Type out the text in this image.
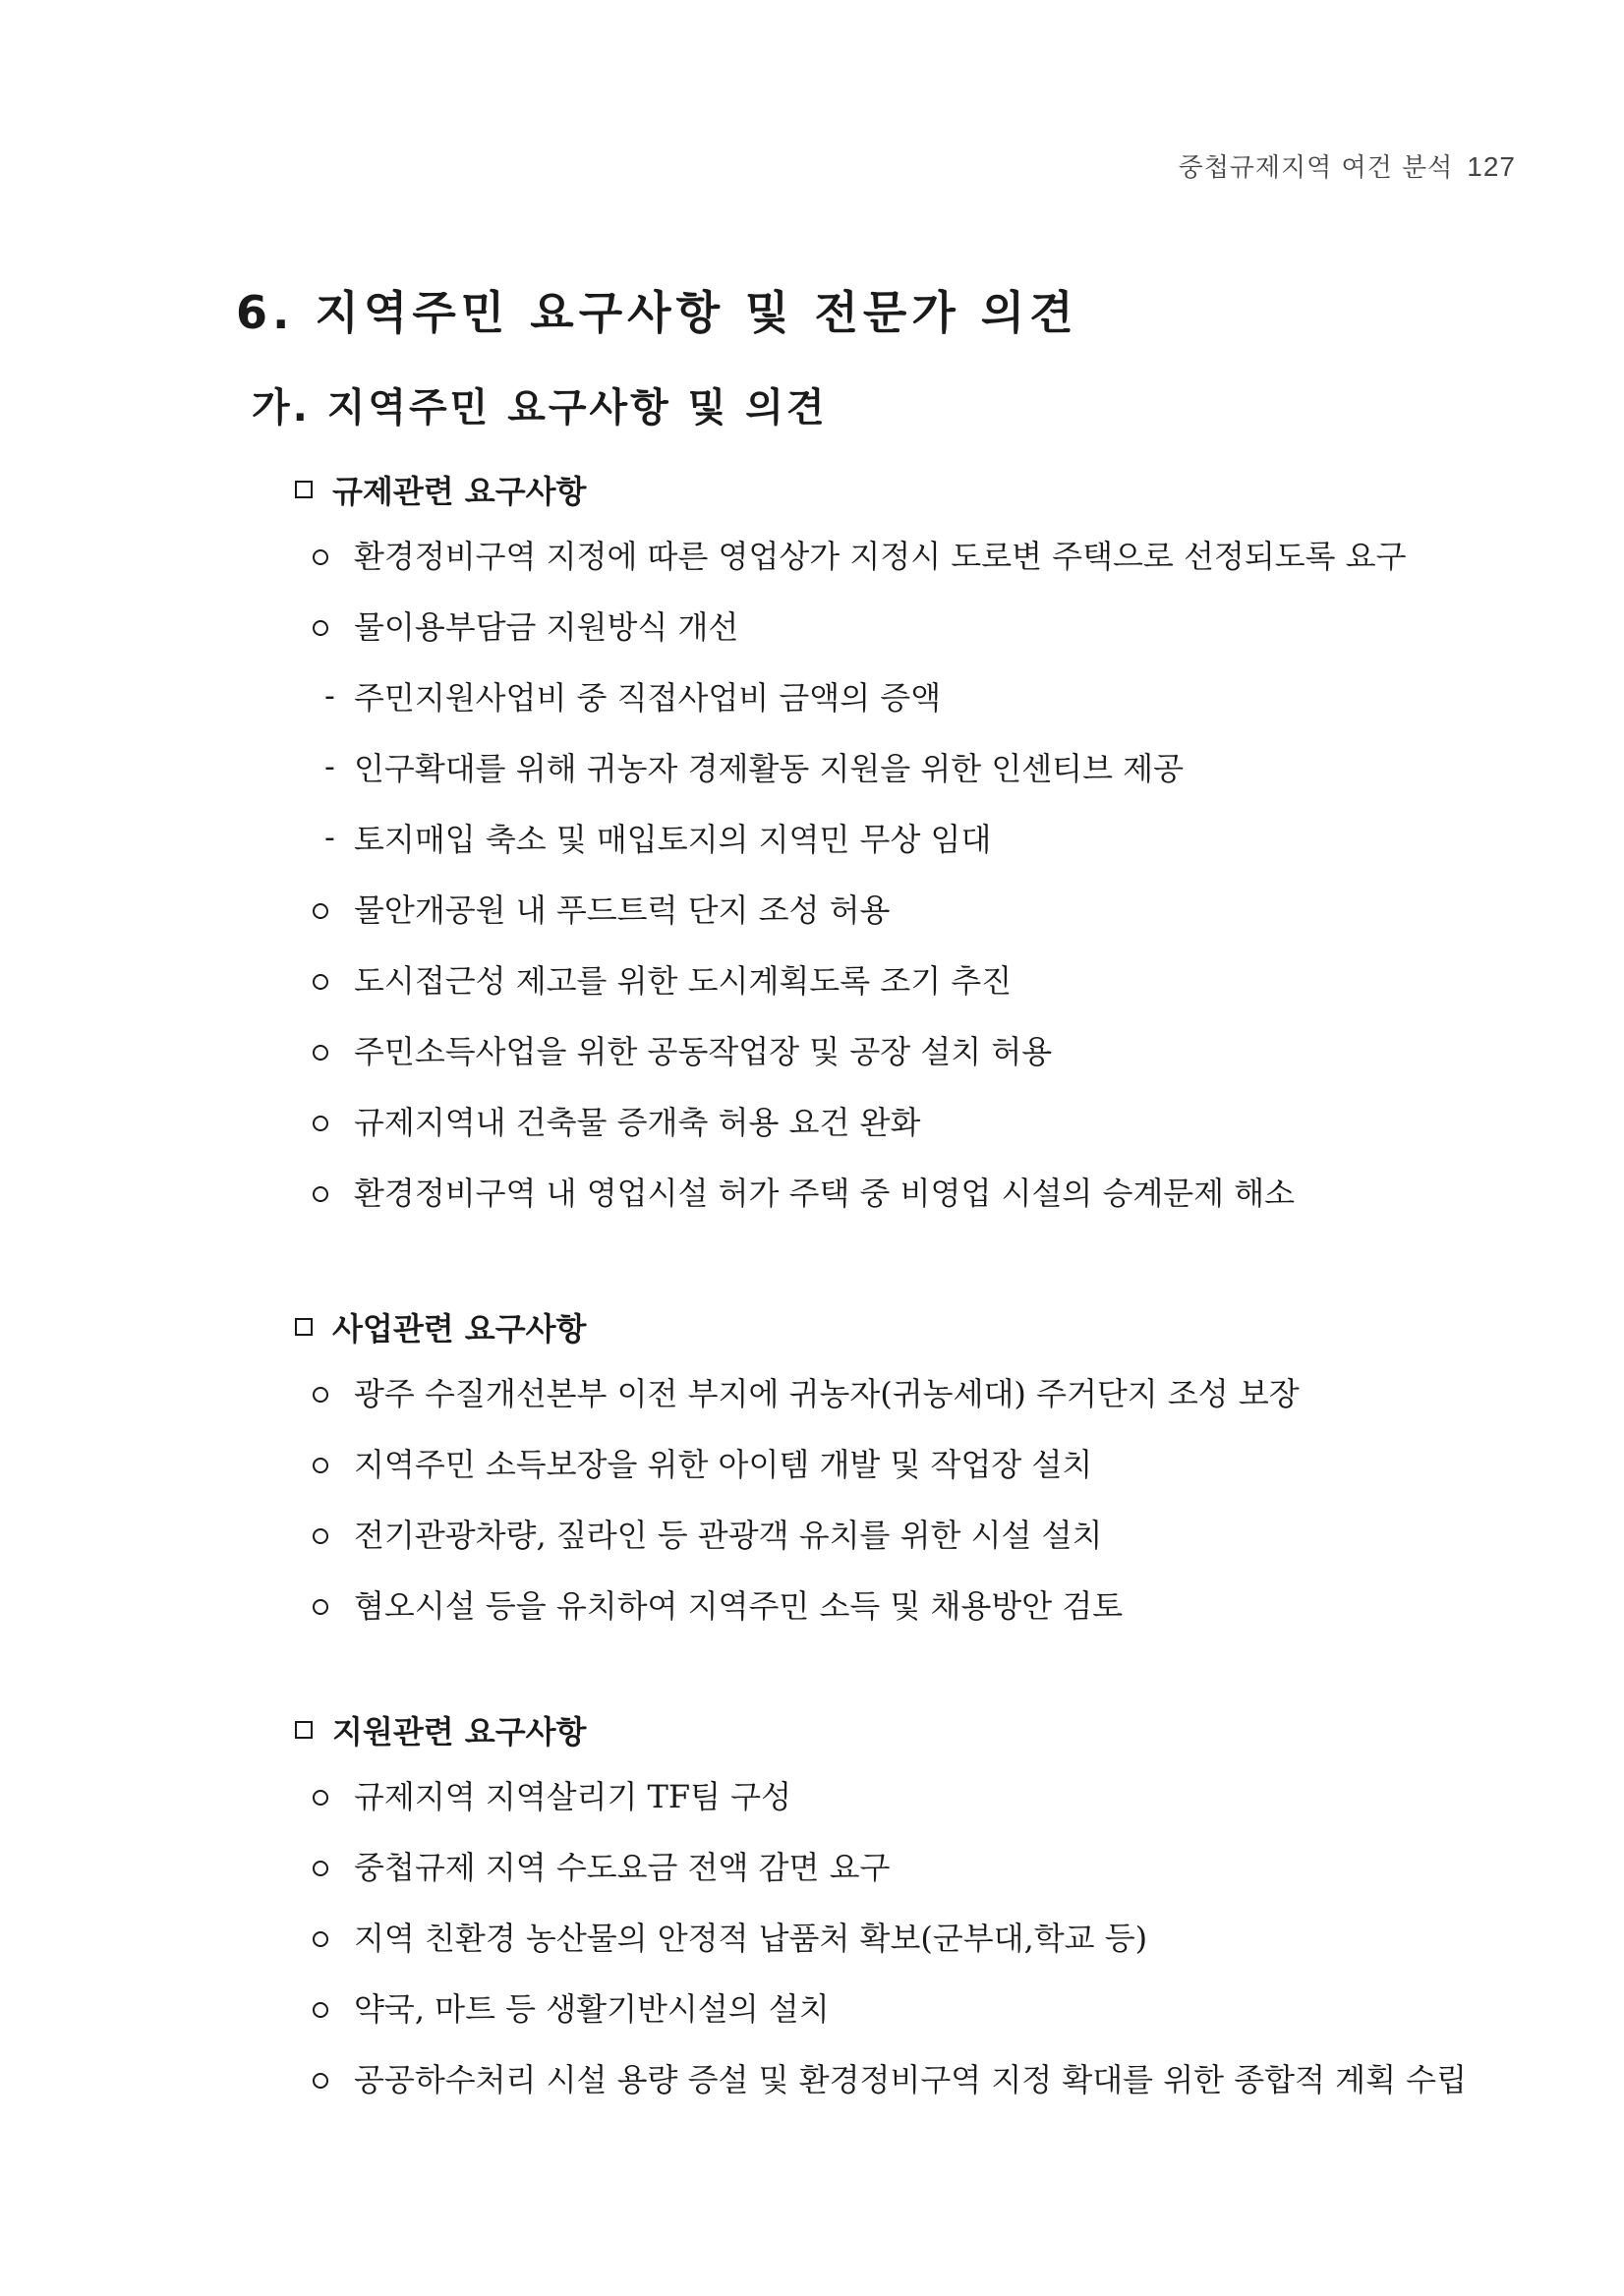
중첩규제지역 여건 분석 127
6. 지역주민 요구사항 및 전문가 의견
가. 지역주민 요구사항 및 의견
규제관련 요구사항
환경정비구역 지정에 따른 영업상가 지정시 도로변 주택으로 선정되도록 요구
물이용부담금 지원방식 개선
- 주민지원사업비 중 직접사업비 금액의 증액
- 인구확대를 위해 귀농자 경제활동 지원을 위한 인센티브 제공
- 토지매입 축소 및 매입토지의 지역민 무상 임대
물안개공원 내 푸드트럭 단지 조성 허용
도시접근성 제고를 위한 도시계획도록 조기 추진
주민소득사업을 위한 공동작업장 및 공장 설치 허용
규제지역내 건축물 증개축 허용 요건 완화
환경정비구역 내 영업시설 허가 주택 중 비영업 시설의 승계문제 해소
사업관련 요구사항
광주 수질개선본부 이전 부지에 귀농자(귀농세대) 주거단지 조성 보장
지역주민 소득보장을 위한 아이템 개발 및 작업장 설치
전기관광차량, 짚라인 등 관광객 유치를 위한 시설 설치
혐오시설 등을 유치하여 지역주민 소득 및 채용방안 검토
지원관련 요구사항
규제지역 지역살리기 TF팀 구성
중첩규제 지역 수도요금 전액 감면 요구
지역 친환경 농산물의 안정적 납품처 확보(군부대,학교 등)
약국, 마트 등 생활기반시설의 설치
공공하수처리 시설 용량 증설 및 환경정비구역 지정 확대를 위한 종합적 계획 수립
